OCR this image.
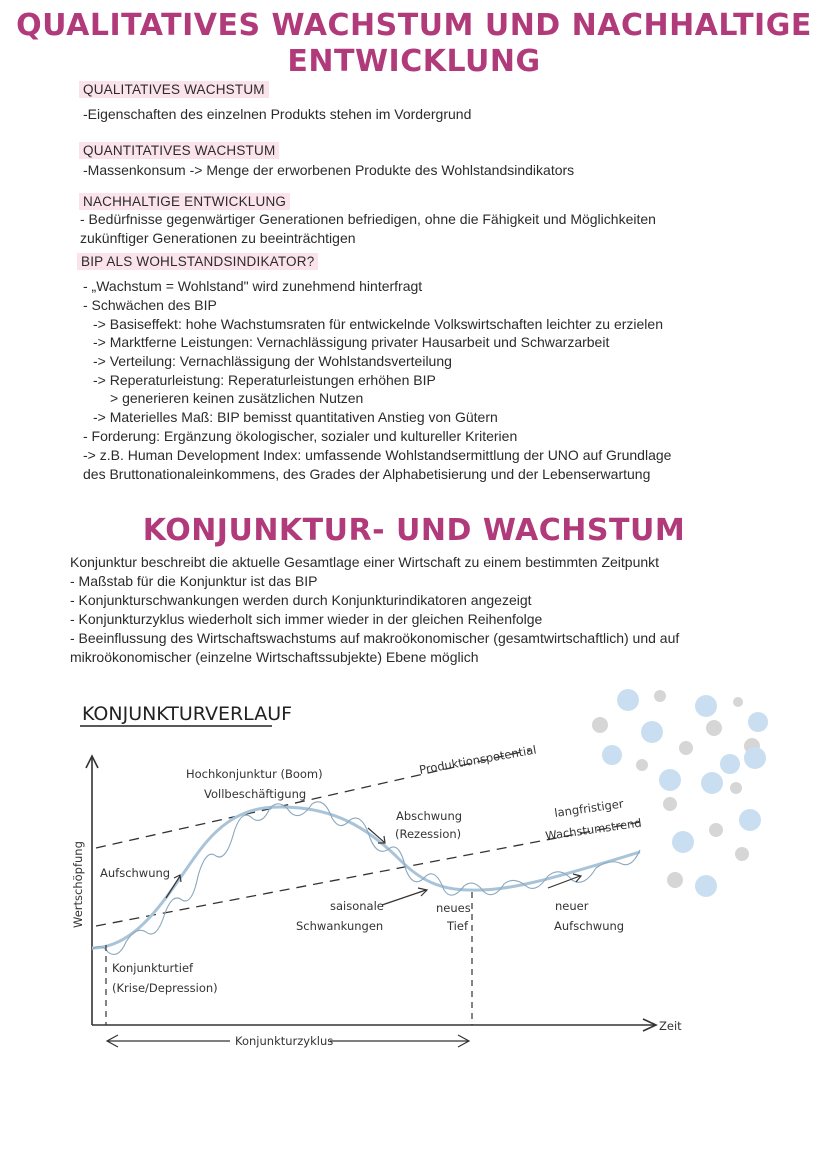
QUALITATIVES WACHSTUM UND NACHHALTIGE
ENTWICKLUNG
QUALITATIVES WACHSTUM
-Eigenschaften des einzelnen Produkts stehen im Vordergrund
QUANTITATIVES WACHSTUM
-Massenkonsum -> Menge der erworbenen Produkte des Wohlstandsindikators
NACHHALTIGE ENTWICKLUNG
- Bedürfnisse gegenwärtiger Generationen befriedigen, ohne die Fähigkeit und Möglichkeiten
zukünftiger Generationen zu beeinträchtigen
BIP ALS WOHLSTANDSINDIKATOR?
- „Wachstum = Wohlstand" wird zunehmend hinterfragt
- Schwächen des BIP
-> Basiseffekt: hohe Wachstumsraten für entwickelnde Volkswirtschaften leichter zu erzielen
-> Marktferne Leistungen: Vernachlässigung privater Hausarbeit und Schwarzarbeit
-> Verteilung: Vernachlässigung der Wohlstandsverteilung
-> Reperaturleistung: Reperaturleistungen erhöhen BIP
> generieren keinen zusätzlichen Nutzen
-> Materielles Maß: BIP bemisst quantitativen Anstieg von Gütern
- Forderung: Ergänzung ökologischer, sozialer und kultureller Kriterien
-> z.B. Human Development Index: umfassende Wohlstandsermittlung der UNO auf Grundlage
des Bruttonationaleinkommens, des Grades der Alphabetisierung und der Lebenserwartung
KONJUNKTUR- UND WACHSTUM
Konjunktur beschreibt die aktuelle Gesamtlage einer Wirtschaft zu einem bestimmten Zeitpunkt
- Maßstab für die Konjunktur ist das BIP
- Konjunkturschwankungen werden durch Konjunkturindikatoren angezeigt
- Konjunkturzyklus wiederholt sich immer wieder in der gleichen Reihenfolge
- Beeinflussung des Wirtschaftswachstums auf makroökonomischer (gesamtwirtschaftlich) und auf
mikroökonomischer (einzelne Wirtschaftssubjekte) Ebene möglich
KONJUNKTURVERLAUF
Zeit
Wertschöpfung
Produktionspotential
Hochkonjunktur (Boom)
Vollbeschäftigung
Abschwung
(Rezession)
langfristiger
Wachstumstrend
Aufschwung
saisonale
Schwankungen
neues
Tief
neuer
Aufschwung
Konjunkturtief
(Krise/Depression)
Konjunkturzyklus
